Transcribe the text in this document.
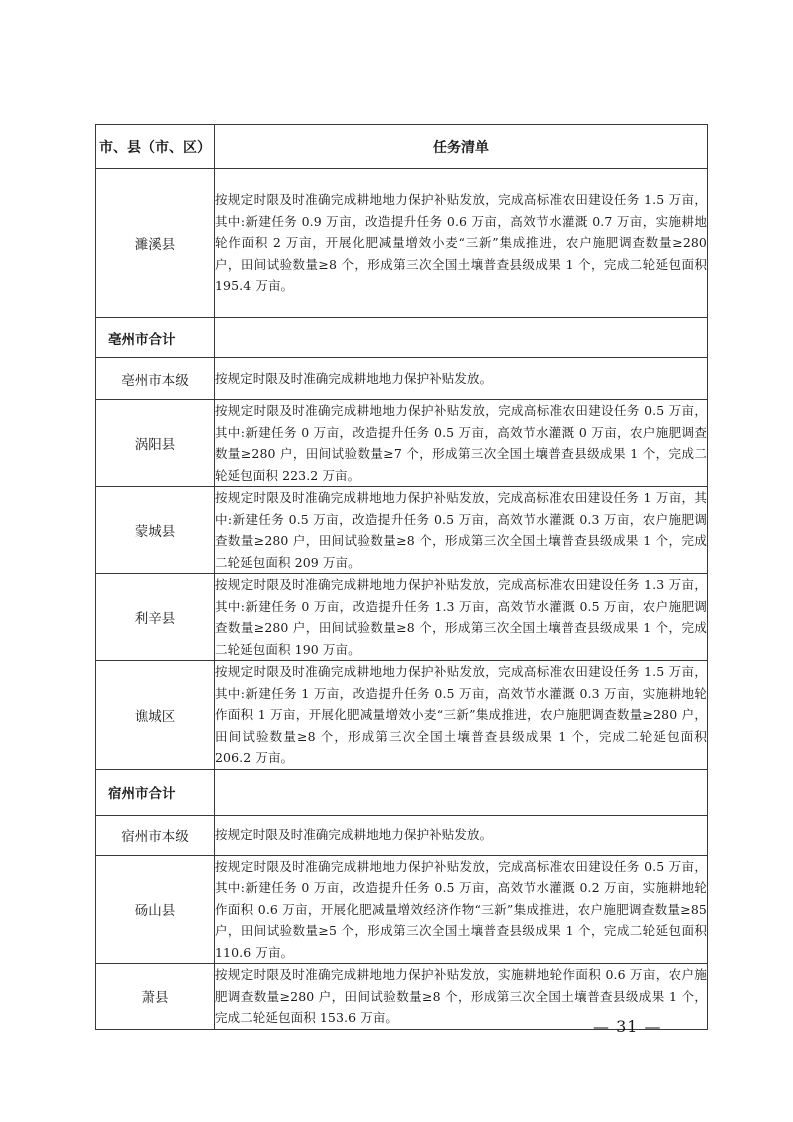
市、县（市、区）	任务清单
濉溪县	按规定时限及时准确完成耕地地力保护补贴发放，完成高标准农田建设任务 1.5 万亩，其中:新建任务 0.9 万亩，改造提升任务 0.6 万亩，高效节水灌溉 0.7 万亩，实施耕地轮作面积 2 万亩，开展化肥减量增效小麦“三新”集成推进，农户施肥调查数量≥280 户，田间试验数量≥8 个，形成第三次全国土壤普查县级成果 1 个，完成二轮延包面积 195.4 万亩。
亳州市合计	
亳州市本级	按规定时限及时准确完成耕地地力保护补贴发放。
涡阳县	按规定时限及时准确完成耕地地力保护补贴发放，完成高标准农田建设任务 0.5 万亩，其中:新建任务 0 万亩，改造提升任务 0.5 万亩，高效节水灌溉 0 万亩，农户施肥调查数量≥280 户，田间试验数量≥7 个，形成第三次全国土壤普查县级成果 1 个，完成二轮延包面积 223.2 万亩。
蒙城县	按规定时限及时准确完成耕地地力保护补贴发放，完成高标准农田建设任务 1 万亩，其中:新建任务 0.5 万亩，改造提升任务 0.5 万亩，高效节水灌溉 0.3 万亩，农户施肥调查数量≥280 户，田间试验数量≥8 个，形成第三次全国土壤普查县级成果 1 个，完成二轮延包面积 209 万亩。
利辛县	按规定时限及时准确完成耕地地力保护补贴发放，完成高标准农田建设任务 1.3 万亩，其中:新建任务 0 万亩，改造提升任务 1.3 万亩，高效节水灌溉 0.5 万亩，农户施肥调查数量≥280 户，田间试验数量≥8 个，形成第三次全国土壤普查县级成果 1 个，完成二轮延包面积 190 万亩。
谯城区	按规定时限及时准确完成耕地地力保护补贴发放，完成高标准农田建设任务 1.5 万亩，其中:新建任务 1 万亩，改造提升任务 0.5 万亩，高效节水灌溉 0.3 万亩，实施耕地轮作面积 1 万亩，开展化肥减量增效小麦“三新”集成推进，农户施肥调查数量≥280 户，田间试验数量≥8 个，形成第三次全国土壤普查县级成果 1 个，完成二轮延包面积 206.2 万亩。
宿州市合计	
宿州市本级	按规定时限及时准确完成耕地地力保护补贴发放。
砀山县	按规定时限及时准确完成耕地地力保护补贴发放，完成高标准农田建设任务 0.5 万亩，其中:新建任务 0 万亩，改造提升任务 0.5 万亩，高效节水灌溉 0.2 万亩，实施耕地轮作面积 0.6 万亩，开展化肥减量增效经济作物“三新”集成推进，农户施肥调查数量≥85 户，田间试验数量≥5 个，形成第三次全国土壤普查县级成果 1 个，完成二轮延包面积 110.6 万亩。
萧县	按规定时限及时准确完成耕地地力保护补贴发放，实施耕地轮作面积 0.6 万亩，农户施肥调查数量≥280 户，田间试验数量≥8 个，形成第三次全国土壤普查县级成果 1 个，完成二轮延包面积 153.6 万亩。	— 31 —
